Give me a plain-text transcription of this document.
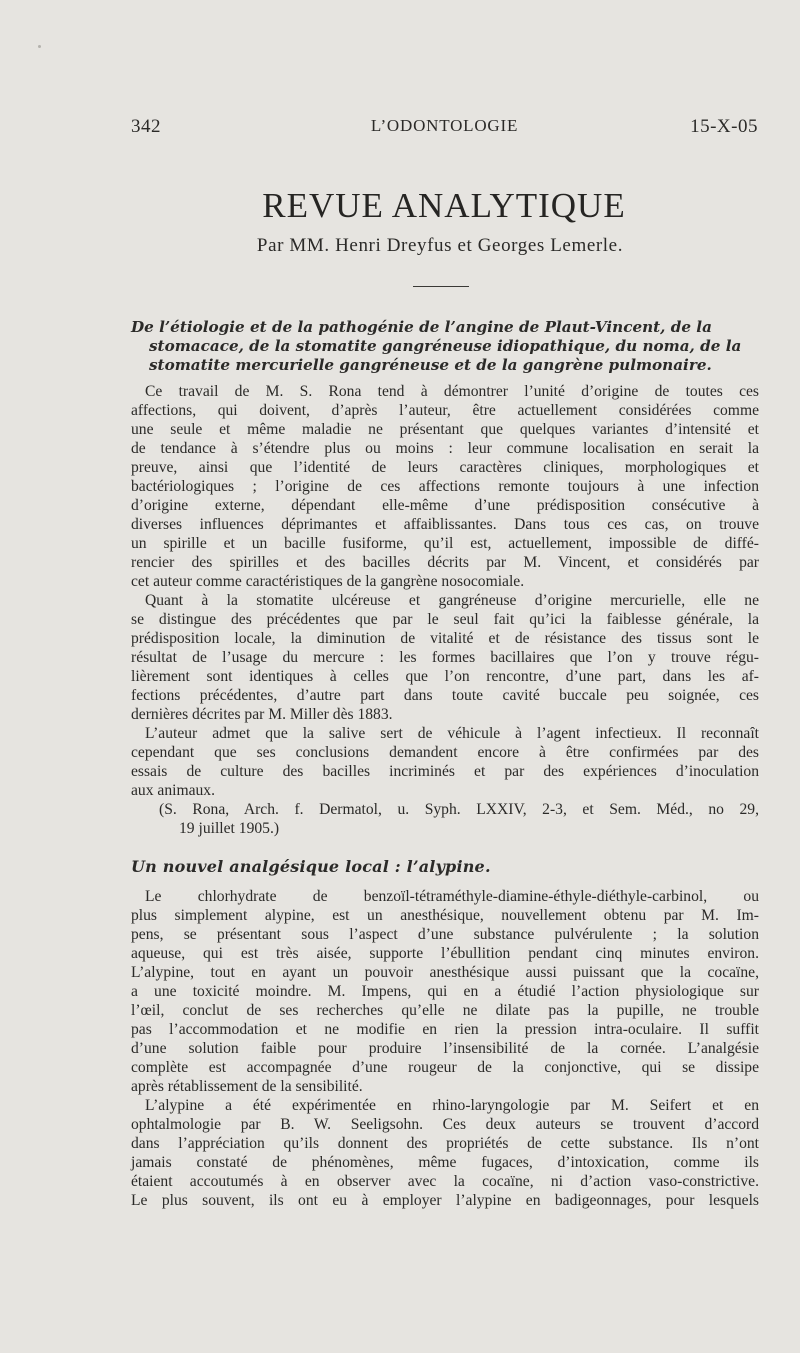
342	L’ODONTOLOGIE	15-X-05
REVUE ANALYTIQUE
Par MM. Henri Dreyfus et Georges Lemerle.
De l’étiologie et de la pathogénie de l’angine de Plaut-Vincent, de la
stomacace, de la stomatite gangréneuse idiopathique, du noma, de la
stomatite mercurielle gangréneuse et de la gangrène pulmonaire.
Ce travail de M. S. Rona tend à démontrer l’unité d’origine de toutes ces
affections, qui doivent, d’après l’auteur, être actuellement considérées comme
une seule et même maladie ne présentant que quelques variantes d’intensité et
de tendance à s’étendre plus ou moins : leur commune localisation en serait la
preuve, ainsi que l’identité de leurs caractères cliniques, morphologiques et
bactériologiques ; l’origine de ces affections remonte toujours à une infection
d’origine externe, dépendant elle-même d’une prédisposition consécutive à
diverses influences déprimantes et affaiblissantes. Dans tous ces cas, on trouve
un spirille et un bacille fusiforme, qu’il est, actuellement, impossible de diffé-
rencier des spirilles et des bacilles décrits par M. Vincent, et considérés par
cet auteur comme caractéristiques de la gangrène nosocomiale.
Quant à la stomatite ulcéreuse et gangréneuse d’origine mercurielle, elle ne
se distingue des précédentes que par le seul fait qu’ici la faiblesse générale, la
prédisposition locale, la diminution de vitalité et de résistance des tissus sont le
résultat de l’usage du mercure : les formes bacillaires que l’on y trouve régu-
lièrement sont identiques à celles que l’on rencontre, d’une part, dans les af-
fections précédentes, d’autre part dans toute cavité buccale peu soignée, ces
dernières décrites par M. Miller dès 1883.
L’auteur admet que la salive sert de véhicule à l’agent infectieux. Il reconnaît
cependant que ses conclusions demandent encore à être confirmées par des
essais de culture des bacilles incriminés et par des expériences d’inoculation
aux animaux.
(S. Rona, Arch. f. Dermatol, u. Syph. LXXIV, 2-3, et Sem. Méd., no 29,
19 juillet 1905.)
Un nouvel analgésique local : l’alypine.
Le chlorhydrate de benzoïl-tétraméthyle-diamine-éthyle-diéthyle-carbinol, ou
plus simplement alypine, est un anesthésique, nouvellement obtenu par M. Im-
pens, se présentant sous l’aspect d’une substance pulvérulente ; la solution
aqueuse, qui est très aisée, supporte l’ébullition pendant cinq minutes environ.
L’alypine, tout en ayant un pouvoir anesthésique aussi puissant que la cocaïne,
a une toxicité moindre. M. Impens, qui en a étudié l’action physiologique sur
l’œil, conclut de ses recherches qu’elle ne dilate pas la pupille, ne trouble
pas l’accommodation et ne modifie en rien la pression intra-oculaire. Il suffit
d’une solution faible pour produire l’insensibilité de la cornée. L’analgésie
complète est accompagnée d’une rougeur de la conjonctive, qui se dissipe
après rétablissement de la sensibilité.
L’alypine a été expérimentée en rhino-laryngologie par M. Seifert et en
ophtalmologie par B. W. Seeligsohn. Ces deux auteurs se trouvent d’accord
dans l’appréciation qu’ils donnent des propriétés de cette substance. Ils n’ont
jamais constaté de phénomènes, même fugaces, d’intoxication, comme ils
étaient accoutumés à en observer avec la cocaïne, ni d’action vaso-constrictive.
Le plus souvent, ils ont eu à employer l’alypine en badigeonnages, pour lesquels
